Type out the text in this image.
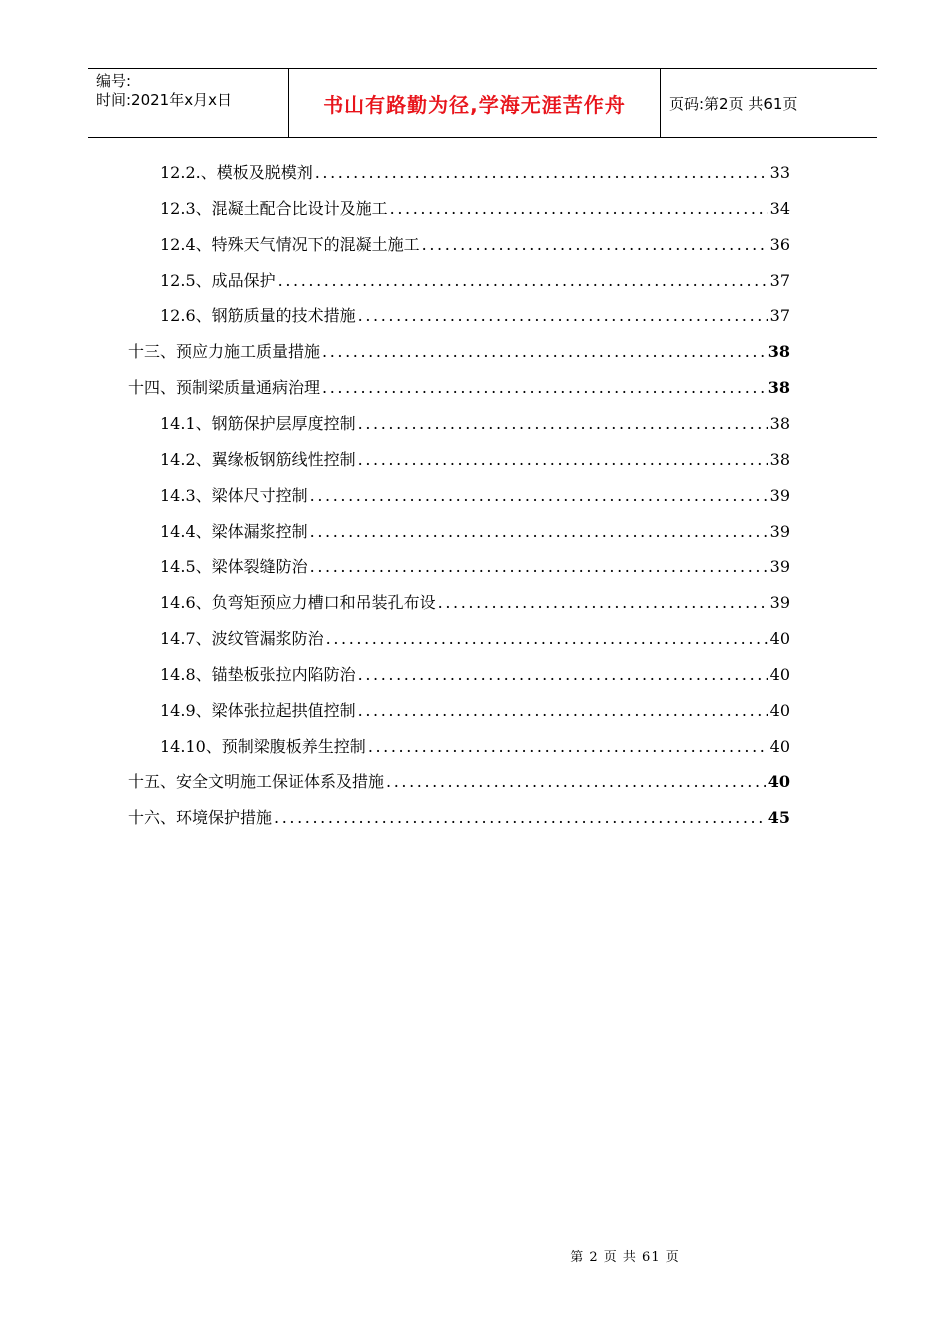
编号:
时间:2021年x月x日	书山有路勤为径,学海无涯苦作舟	页码:第2页 共61页
12.2.、模板及脱模剂 .....	33
12.3、混凝土配合比设计及施工 .....	34
12.4、特殊天气情况下的混凝土施工 .....	36
12.5、成品保护 .....	37
12.6、钢筋质量的技术措施 .....	37
十三、预应力施工质量措施 .....	38
十四、预制梁质量通病治理 .....	38
14.1、钢筋保护层厚度控制 .....	38
14.2、翼缘板钢筋线性控制 .....	38
14.3、梁体尺寸控制 .....	39
14.4、梁体漏浆控制 .....	39
14.5、梁体裂缝防治 .....	39
14.6、负弯矩预应力槽口和吊装孔布设 .....	39
14.7、波纹管漏浆防治 .....	40
14.8、锚垫板张拉内陷防治 .....	40
14.9、梁体张拉起拱值控制 .....	40
14.10、预制梁腹板养生控制 .....	40
十五、安全文明施工保证体系及措施 .....	40
十六、环境保护措施 .....	45
第 2 页 共 61 页
